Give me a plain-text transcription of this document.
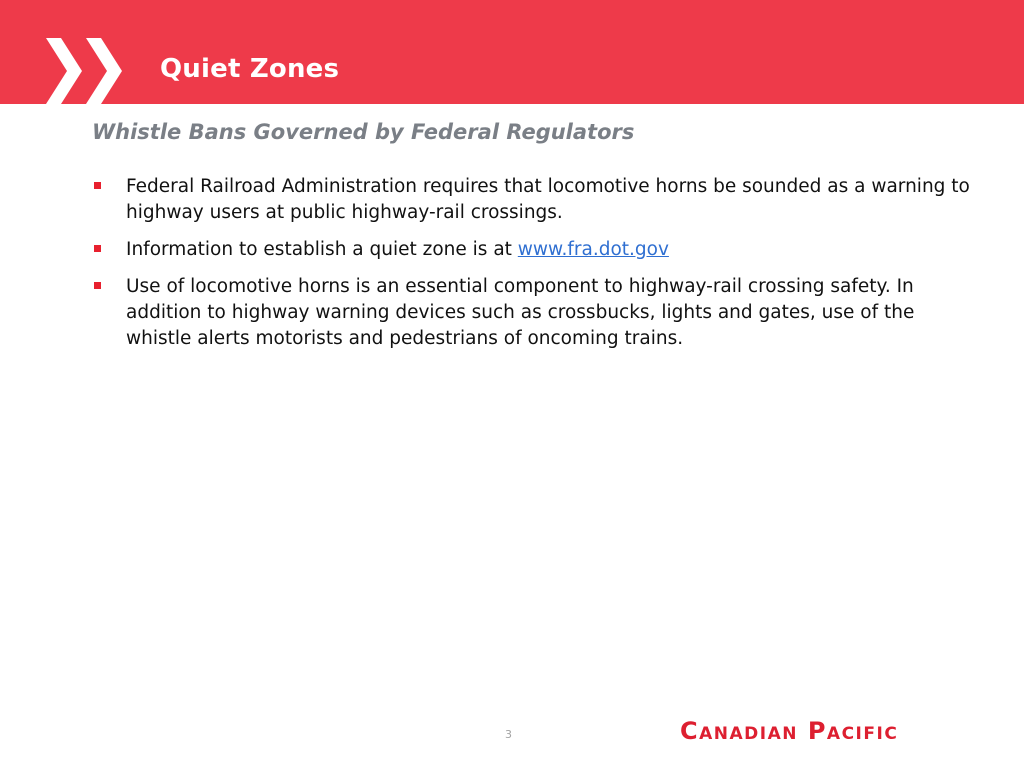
Quiet Zones
Whistle Bans Governed by Federal Regulators
Federal Railroad Administration requires that locomotive horns be sounded as a warning to highway users at public highway-rail crossings.
Information to establish a quiet zone is at www.fra.dot.gov
Use of locomotive horns is an essential component to highway-rail crossing safety. In addition to highway warning devices such as crossbucks, lights and gates, use of the whistle alerts motorists and pedestrians of oncoming trains.
3	Canadian Pacific
